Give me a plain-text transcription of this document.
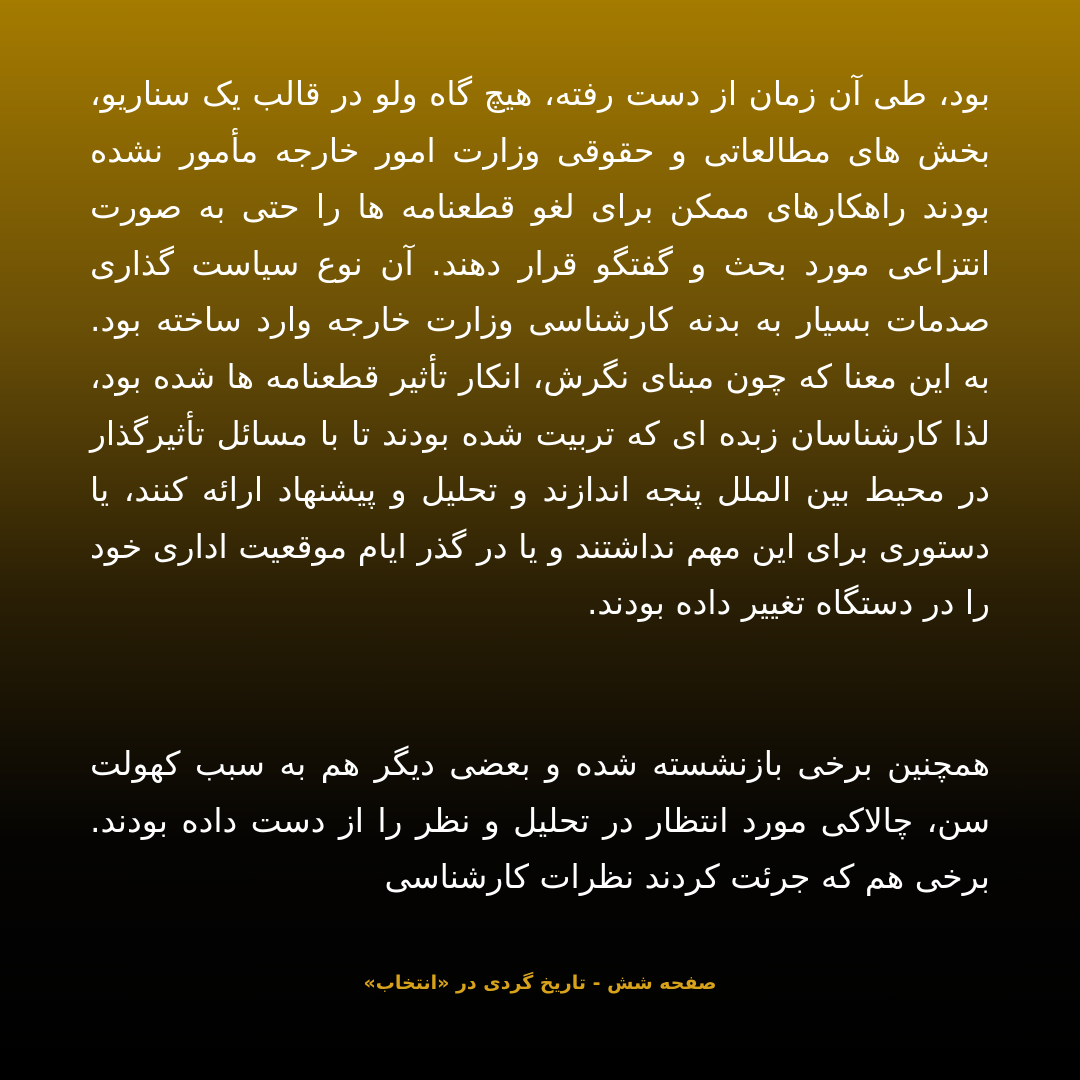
بود، طی آن زمان از دست رفته، هیچ گاه ولو در قالب یک سناریو، بخش های مطالعاتی و حقوقی وزارت امور خارجه مأمور نشده بودند راهکارهای ممکن برای لغو قطعنامه ها را حتی به صورت انتزاعی مورد بحث و گفتگو قرار دهند. آن نوع سیاست گذاری صدمات بسیار به بدنه کارشناسی وزارت خارجه وارد ساخته بود. به این معنا که چون مبنای نگرش، انکار تأثیر قطعنامه ها شده بود، لذا کارشناسان زبده ای که تربیت شده بودند تا با مسائل تأثیرگذار در محیط بین الملل پنجه اندازند و تحلیل و پیشنهاد ارائه کنند، یا دستوری برای این مهم نداشتند و یا در گذر ایام موقعیت اداری خود را در دستگاه تغییر داده بودند.

همچنین برخی بازنشسته شده و بعضی دیگر هم به سبب کهولت سن، چالاکی مورد انتظار در تحلیل و نظر را از دست داده بودند. برخی هم که جرئت کردند نظرات کارشناسی

صفحه شش - تاریخ گردی در «انتخاب»
